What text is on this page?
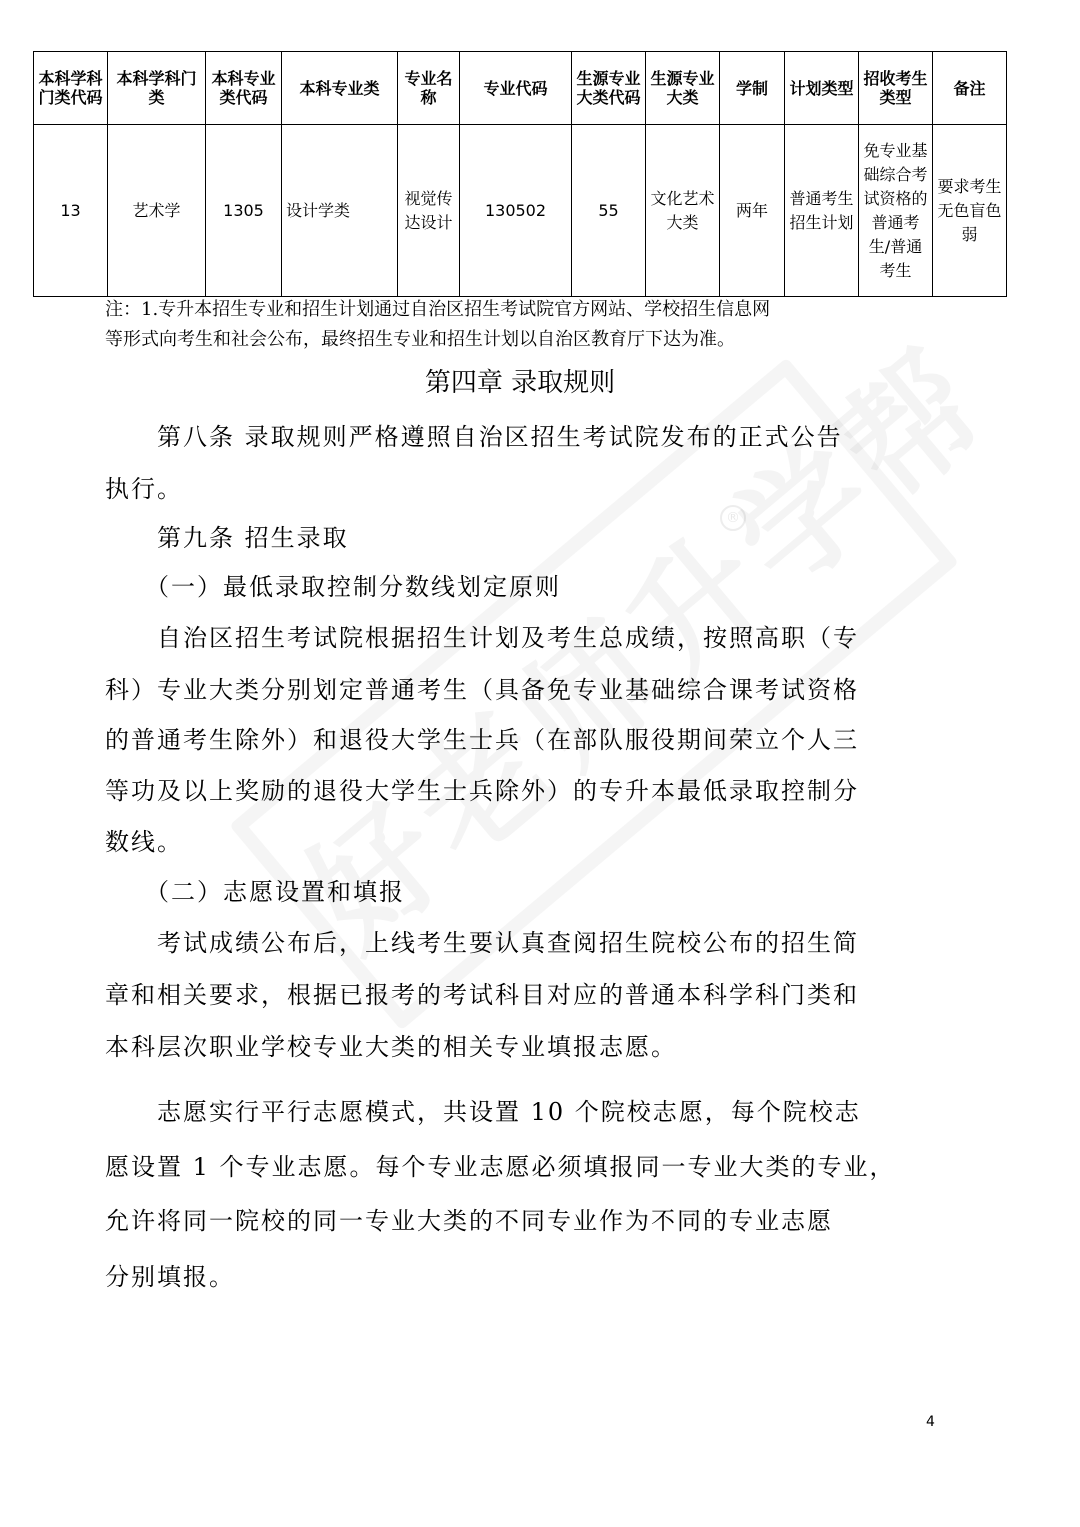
®
本科学科门类代码	本科学科门类	本科专业类代码	本科专业类	专业名称	专业代码	生源专业大类代码	生源专业大类	学制	计划类型	招收考生类型	备注
13	艺术学	1305	设计学类	视觉传达设计	130502	55	文化艺术大类	两年	普通考生招生计划	免专业基础综合考试资格的普通考生/普通考生	要求考生无色盲色弱
注：1.专升本招生专业和招生计划通过自治区招生考试院官方网站、学校招生信息网
等形式向考生和社会公布，最终招生专业和招生计划以自治区教育厅下达为准。
第四章 录取规则
　　第八条 录取规则严格遵照自治区招生考试院发布的正式公告
执行。
　　第九条 招生录取
　　（一）最低录取控制分数线划定原则
　　自治区招生考试院根据招生计划及考生总成绩，按照高职（专
科）专业大类分别划定普通考生（具备免专业基础综合课考试资格
的普通考生除外）和退役大学生士兵（在部队服役期间荣立个人三
等功及以上奖励的退役大学生士兵除外）的专升本最低录取控制分
数线。
　　（二）志愿设置和填报
　　考试成绩公布后，上线考生要认真查阅招生院校公布的招生简
章和相关要求，根据已报考的考试科目对应的普通本科学科门类和
本科层次职业学校专业大类的相关专业填报志愿。
　　志愿实行平行志愿模式，共设置 10 个院校志愿，每个院校志
愿设置 1 个专业志愿。每个专业志愿必须填报同一专业大类的专业，
允许将同一院校的同一专业大类的不同专业作为不同的专业志愿
分别填报。
4
